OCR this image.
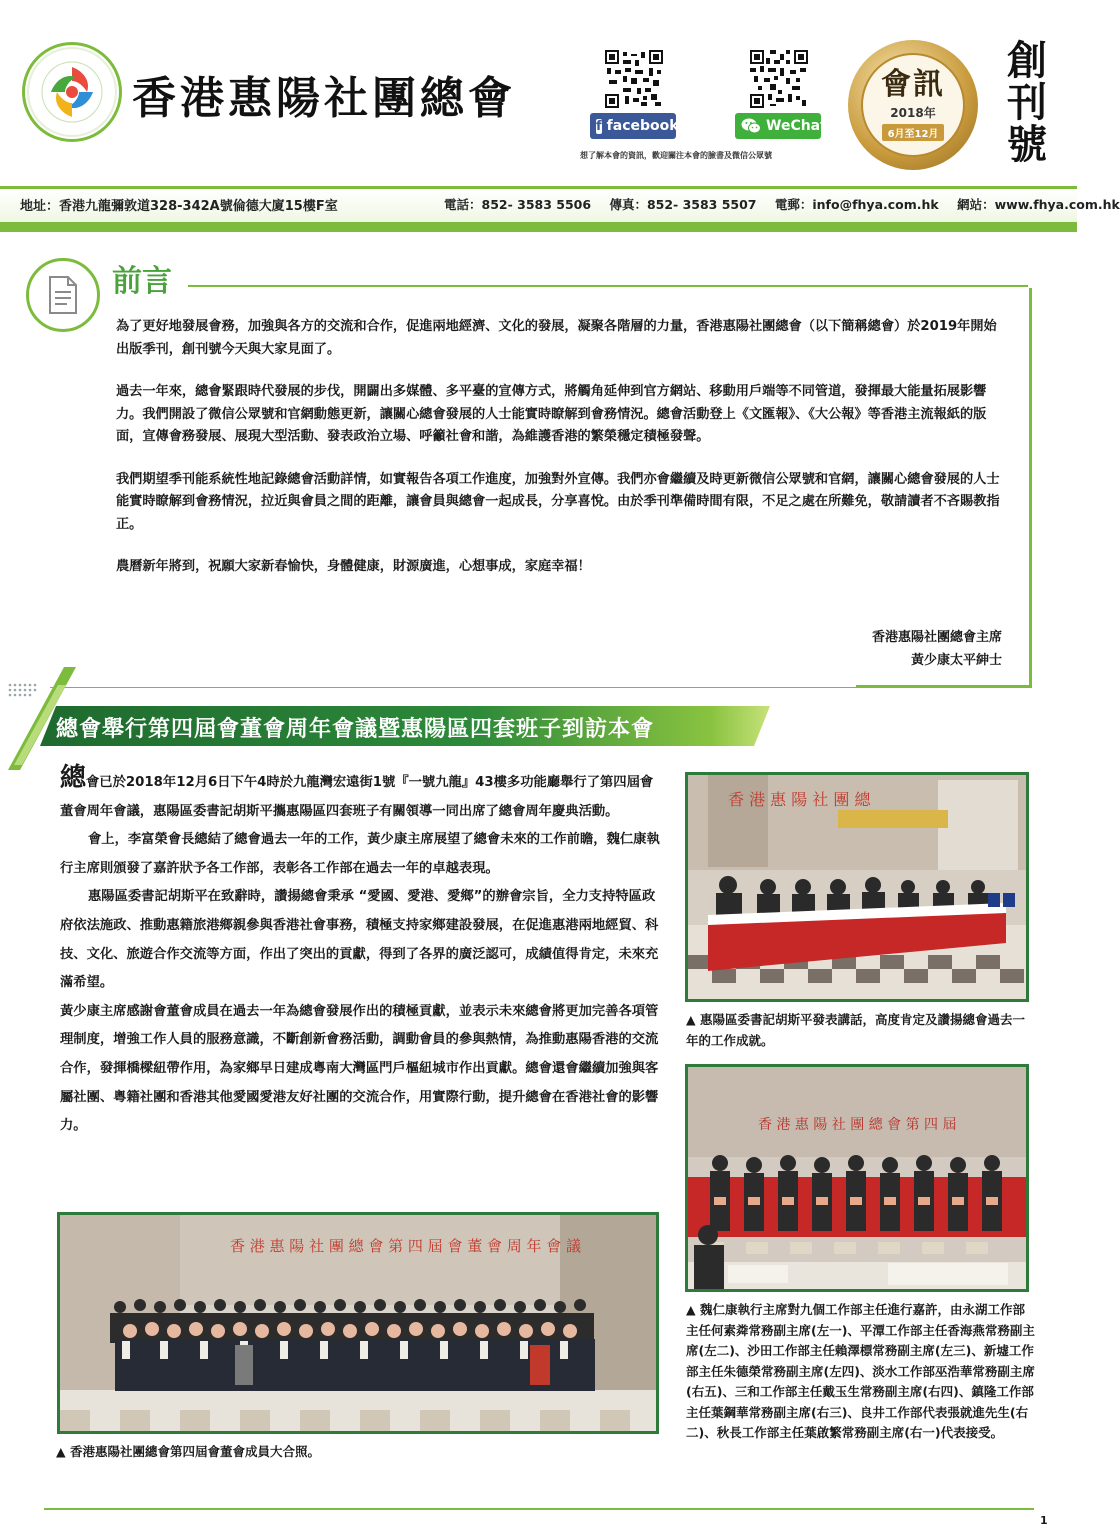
香港惠陽社團總會
f facebook	WeChat
想了解本會的資訊，歡迎關注本會的臉書及微信公眾號
會訊
2018年
6月至12月
創刊號
地址：香港九龍彌敦道328-342A號倫德大廈15樓F室	電話：852- 3583 5506 傳真：852- 3583 5507 電郵：info@fhya.com.hk 網站：www.fhya.com.hk
前言

為了更好地發展會務，加強與各方的交流和合作，促進兩地經濟、文化的發展，凝聚各階層的力量，香港惠陽社團總會（以下簡稱總會）於2019年開始出版季刊，創刊號今天與大家見面了。

過去一年來，總會緊跟時代發展的步伐，開闢出多媒體、多平臺的宣傳方式，將觸角延伸到官方網站、移動用戶端等不同管道，發揮最大能量拓展影響力。我們開設了微信公眾號和官網動態更新，讓關心總會發展的人士能實時瞭解到會務情況。總會活動登上《文匯報》、《大公報》等香港主流報紙的版面，宣傳會務發展、展現大型活動、發表政治立場、呼籲社會和諧，為維護香港的繁榮穩定積極發聲。

我們期望季刊能系統性地記錄總會活動詳情，如實報告各項工作進度，加強對外宣傳。我們亦會繼續及時更新微信公眾號和官網，讓關心總會發展的人士能實時瞭解到會務情況，拉近與會員之間的距離，讓會員與總會一起成長，分享喜悅。由於季刊準備時間有限，不足之處在所難免，敬請讀者不吝賜教指正。

農曆新年將到，祝願大家新春愉快，身體健康，財源廣進，心想事成，家庭幸福！

香港惠陽社團總會主席
黃少康太平紳士
總會舉行第四屆會董會周年會議暨惠陽區四套班子到訪本會

總會已於2018年12月6日下午4時於九龍灣宏遠街1號『一號九龍』43樓多功能廳舉行了第四屆會董會周年會議，惠陽區委書記胡斯平攜惠陽區四套班子有關領導一同出席了總會周年慶典活動。

會上，李富榮會長總結了總會過去一年的工作，黃少康主席展望了總會未來的工作前瞻，魏仁康執行主席則頒發了嘉許狀予各工作部，表彰各工作部在過去一年的卓越表現。

惠陽區委書記胡斯平在致辭時，讚揚總會秉承 “愛國、愛港、愛鄉”的辦會宗旨，全力支持特區政府依法施政、推動惠籍旅港鄉親參與香港社會事務，積極支持家鄉建設發展，在促進惠港兩地經貿、科技、文化、旅遊合作交流等方面，作出了突出的貢獻，得到了各界的廣泛認可，成績值得肯定，未來充滿希望。

黃少康主席感謝會董會成員在過去一年為總會發展作出的積極貢獻，並表示未來總會將更加完善各項管理制度，增強工作人員的服務意識，不斷創新會務活動，調動會員的參與熱情，為推動惠陽香港的交流合作，發揮橋樑紐帶作用，為家鄉早日建成粵南大灣區門戶樞紐城市作出貢獻。總會還會繼續加強與客屬社團、粵籍社團和香港其他愛國愛港友好社團的交流合作，用實際行動，提升總會在香港社會的影響力。

香 港 惠 陽 社 團 總
▲ 惠陽區委書記胡斯平發表講話，高度肯定及讚揚總會過去一年的工作成就。
香 港 惠 陽 社 團 總 會 第 四 屆
▲ 魏仁康執行主席對九個工作部主任進行嘉許，由永湖工作部主任何素粦常務副主席(左一)、平潭工作部主任香海燕常務副主席(左二)、沙田工作部主任賴澤標常務副主席(左三)、新墟工作部主任朱德榮常務副主席(左四)、淡水工作部巫浩華常務副主席(右五)、三和工作部主任戴玉生常務副主席(右四)、鎮隆工作部主任葉鋼華常務副主席(右三)、良井工作部代表張就進先生(右二)、秋長工作部主任葉啟繁常務副主席(右一)代表接受。
香 港 惠 陽 社 團 總 會 第 四 屆 會 董 會 周 年 會 議
▲ 香港惠陽社團總會第四屆會董會成員大合照。
1
